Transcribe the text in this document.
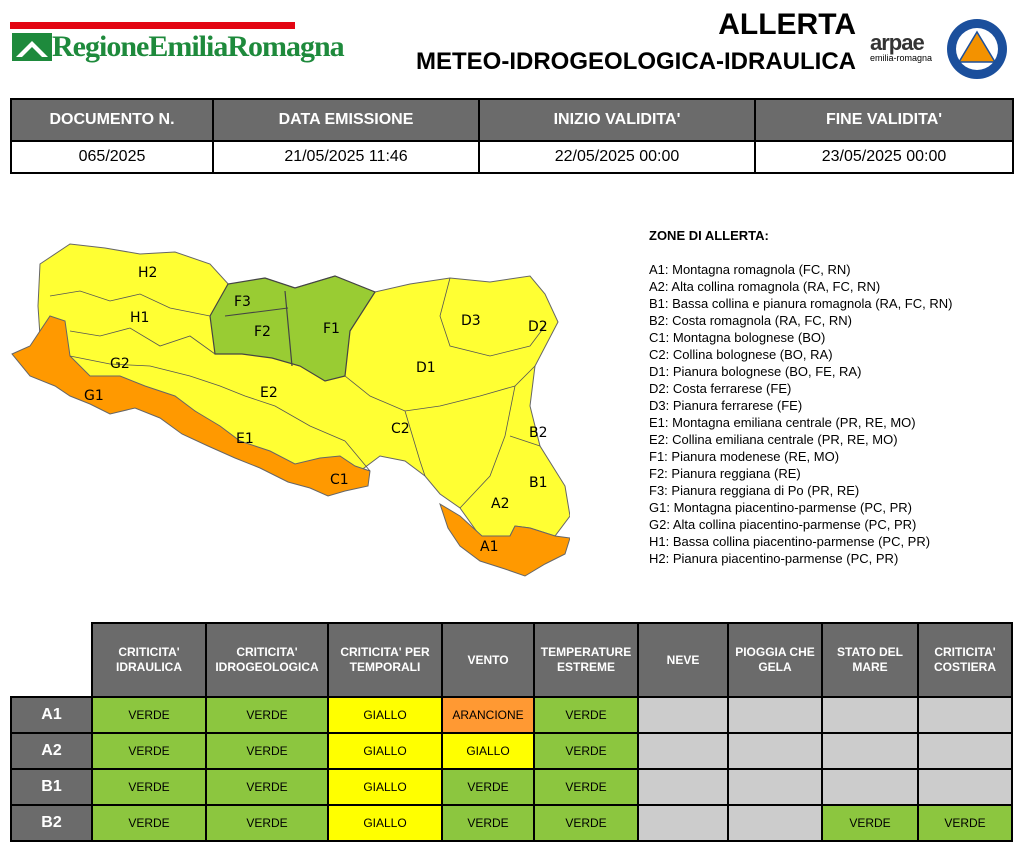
RegioneEmiliaRomagna
ALLERTA
METEO-IDROGEOLOGICA-IDRAULICA
arpae
emilia-romagna
DOCUMENTO N.	DATA EMISSIONE	INIZIO VALIDITA'	FINE VALIDITA'
065/2025	21/05/2025 11:46	22/05/2025 00:00	23/05/2025 00:00
H2
H1
G2
G1
F3
F2	F1
E2
E1
D3	D2
D1
C2
C1
B2
B1
A2
A1
ZONE DI ALLERTA:
A1: Montagna romagnola (FC, RN)
A2: Alta collina romagnola (RA, FC, RN)
B1: Bassa collina e pianura romagnola (RA, FC, RN)
B2: Costa romagnola (RA, FC, RN)
C1: Montagna bolognese (BO)
C2: Collina bolognese (BO, RA)
D1: Pianura bolognese (BO, FE, RA)
D2: Costa ferrarese (FE)
D3: Pianura ferrarese (FE)
E1: Montagna emiliana centrale (PR, RE, MO)
E2: Collina emiliana centrale (PR, RE, MO)
F1: Pianura modenese (RE, MO)
F2: Pianura reggiana (RE)
F3: Pianura reggiana di Po (PR, RE)
G1: Montagna piacentino-parmense (PC, PR)
G2: Alta collina piacentino-parmense (PC, PR)
H1: Bassa collina piacentino-parmense (PC, PR)
H2: Pianura piacentino-parmense (PC, PR)
	CRITICITA' IDRAULICA	CRITICITA' IDROGEOLOGICA	CRITICITA' PER TEMPORALI	VENTO	TEMPERATURE ESTREME	NEVE	PIOGGIA CHE GELA	STATO DEL MARE	CRITICITA' COSTIERA
A1	VERDE	VERDE	GIALLO	ARANCIONE	VERDE				
A2	VERDE	VERDE	GIALLO	GIALLO	VERDE				
B1	VERDE	VERDE	GIALLO	VERDE	VERDE				
B2	VERDE	VERDE	GIALLO	VERDE	VERDE			VERDE	VERDE
